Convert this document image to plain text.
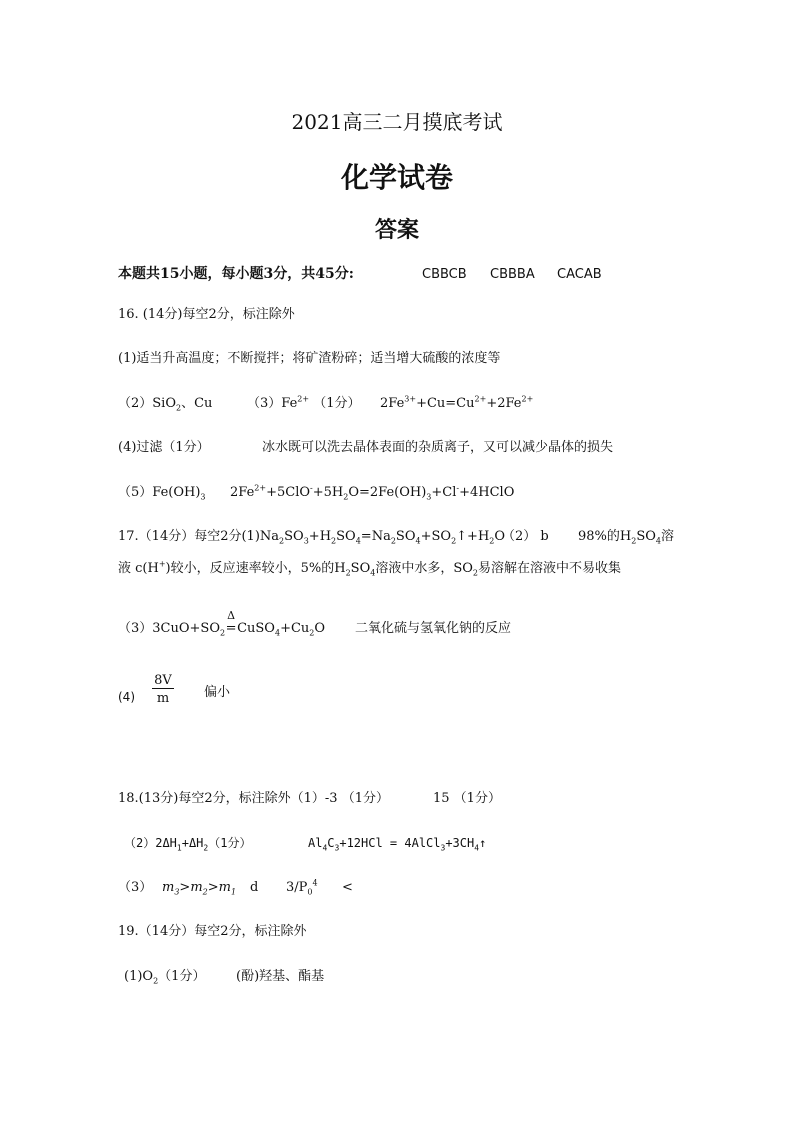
2021高三二月摸底考试
化学试卷
答案
本题共15小题，每小题3分，共45分:	CBBCB CBBBA CACAB
16. (14分)每空2分，标注除外
(1)适当升高温度；不断搅拌；将矿渣粉碎；适当增大硫酸的浓度等
（2）SiO$_2$、Cu	$(3)Fe^{2+}$ （1分） $2Fe^{3+}+Cu=Cu^{2+}+2Fe^{2+}$
(4)过滤（1分）	冰水既可以洗去晶体表面的杂质离子，又可以减少晶体的损失
$(5)Fe(OH)_3$ $2Fe^{2+}+5ClO^-+5H_2O=2Fe(OH)_3+Cl^-+4HClO$
17.（14分）每空2分$(1)Na_2SO_3+H_2SO_4=Na_2SO_4+SO_2↑+H_2O$
（2） b 98%的$H_2SO_4$溶
液 c(H+)较小，反应速率较小，5%的$H_2SO_4$溶液中水多，$SO_2$易溶解在溶液中不易收集
$(3)3CuO+SO_2$
Δ
$=CuSO_4+Cu_2O$ 二氧化硫与氢氧化钠的反应
$(4) \frac{8V}{m}$ 偏小
18.(13分)每空2分，标注除外（1）-3 （1分）	15 （1分）
$(2)2\Delta H_1+\Delta H_2(1$分）	$Al_4C_3+12HCl$ = $4AlCl_3+3CH_4↑$
（3） $m_3>m_2>m_1$ d $3/P_0^4$ <
19.（14分）每空2分，标注除外
$(1)O_2(1$分） (酚)羟基、酯基
